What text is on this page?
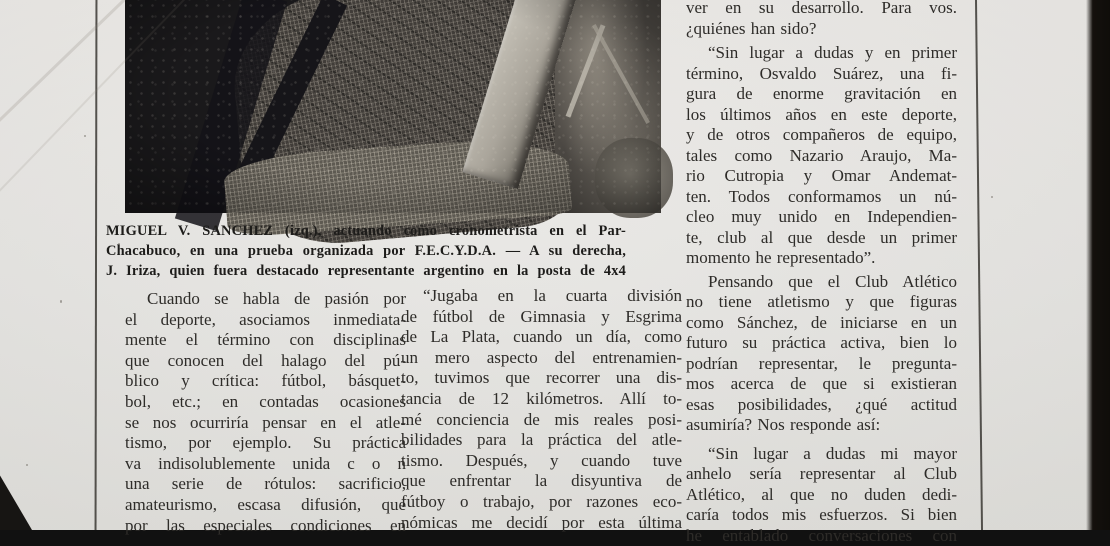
MIGUEL V. SANCHEZ (izq.), actuando como cronometrista en el Par-
Chacabuco, en una prueba organizada por F.E.C.Y.D.A. — A su derecha,
J. Iriza, quien fuera destacado representante argentino en la posta de 4x4
Cuando se habla de pasión por
el deporte, asociamos inmediata-
mente el término con disciplinas
que conocen del halago del pú-
blico y crítica: fútbol, básquet-
bol, etc.; en contadas ocasiones
se nos ocurriría pensar en el atle-
tismo, por ejemplo. Su práctica
va indisolublemente unida c o n
una serie de rótulos: sacrificio,
amateurismo, escasa difusión, que
por las especiales condiciones en
“Jugaba en la cuarta división
de fútbol de Gimnasia y Esgrima
de La Plata, cuando un día, como
un mero aspecto del entrenamien-
to, tuvimos que recorrer una dis-
tancia de 12 kilómetros. Allí to-
mé conciencia de mis reales posi-
bilidades para la práctica del atle-
tismo. Después, y cuando tuve
que enfrentar la disyuntiva de
fútboy o trabajo, por razones eco-
nómicas me decidí por esta última
ver en su desarrollo. Para vos.
¿quiénes han sido?
“Sin lugar a dudas y en primer
término, Osvaldo Suárez, una fi-
gura de enorme gravitación en
los últimos años en este deporte,
y de otros compañeros de equipo,
tales como Nazario Araujo, Ma-
rio Cutropia y Omar Andemat-
ten. Todos conformamos un nú-
cleo muy unido en Independien-
te, club al que desde un primer
momento he representado”.
Pensando que el Club Atlético
no tiene atletismo y que figuras
como Sánchez, de iniciarse en un
futuro su práctica activa, bien lo
podrían representar, le pregunta-
mos acerca de que si existieran
esas posibilidades, ¿qué actitud
asumiría? Nos responde así:
“Sin lugar a dudas mi mayor
anhelo sería representar al Club
Atlético, al que no duden dedi-
caría todos mis esfuerzos. Si bien
he entablado conversaciones con
